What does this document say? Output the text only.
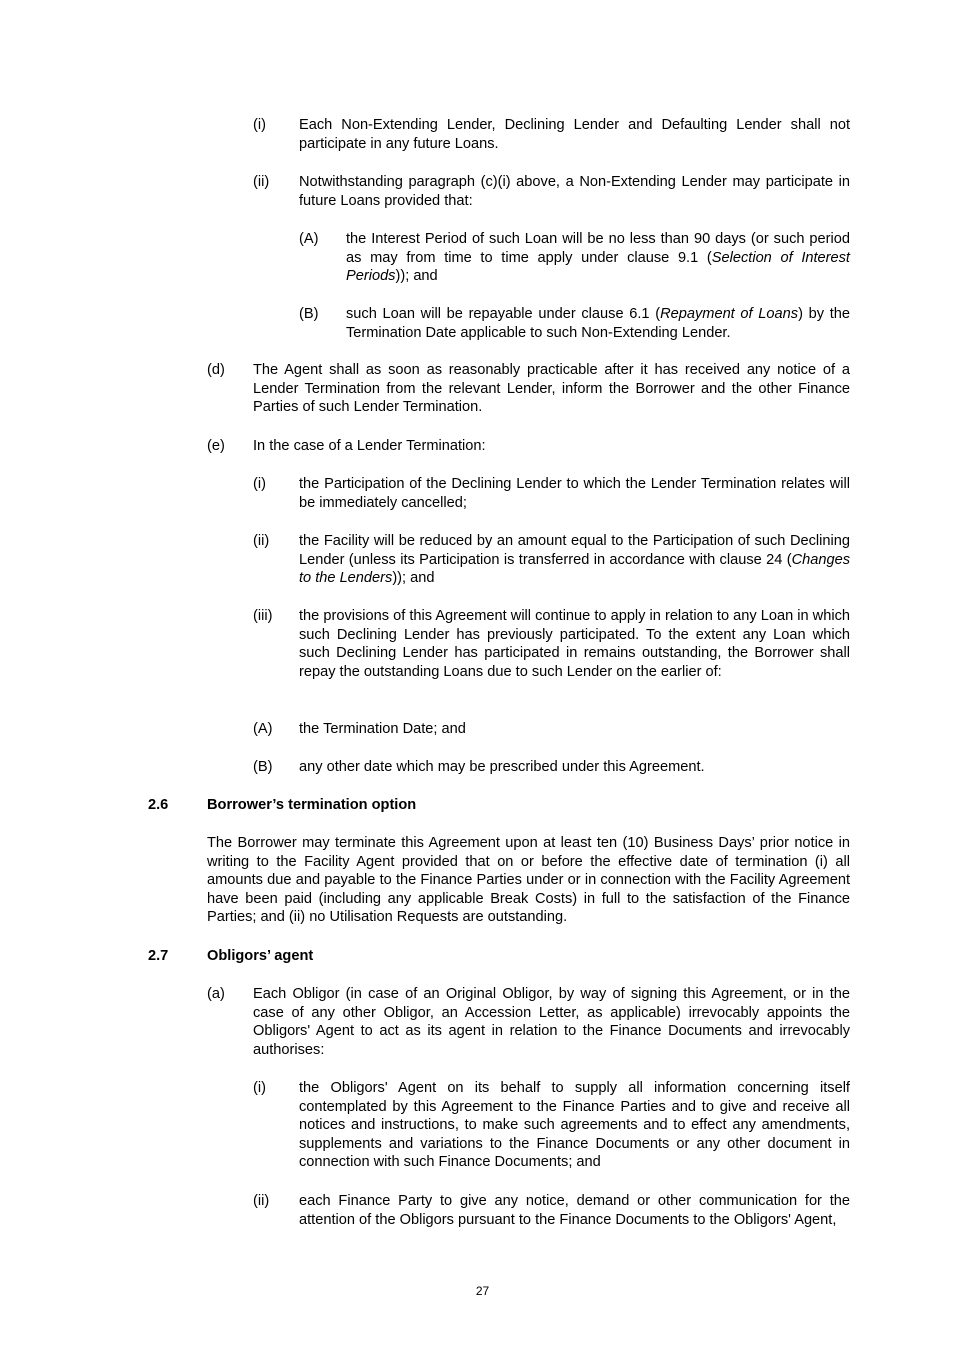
(i) Each Non-Extending Lender, Declining Lender and Defaulting Lender shall not participate in any future Loans.
(ii) Notwithstanding paragraph (c)(i) above, a Non-Extending Lender may participate in future Loans provided that:
(A) the Interest Period of such Loan will be no less than 90 days (or such period as may from time to time apply under clause 9.1 (Selection of Interest Periods)); and
(B) such Loan will be repayable under clause 6.1 (Repayment of Loans) by the Termination Date applicable to such Non-Extending Lender.
(d) The Agent shall as soon as reasonably practicable after it has received any notice of a Lender Termination from the relevant Lender, inform the Borrower and the other Finance Parties of such Lender Termination.
(e) In the case of a Lender Termination:
(i) the Participation of the Declining Lender to which the Lender Termination relates will be immediately cancelled;
(ii) the Facility will be reduced by an amount equal to the Participation of such Declining Lender (unless its Participation is transferred in accordance with clause 24 (Changes to the Lenders)); and
(iii) the provisions of this Agreement will continue to apply in relation to any Loan in which such Declining Lender has previously participated. To the extent any Loan which such Declining Lender has participated in remains outstanding, the Borrower shall repay the outstanding Loans due to such Lender on the earlier of:
(A) the Termination Date; and
(B) any other date which may be prescribed under this Agreement.
2.6	Borrower’s termination option
The Borrower may terminate this Agreement upon at least ten (10) Business Days’ prior notice in writing to the Facility Agent provided that on or before the effective date of termination (i) all amounts due and payable to the Finance Parties under or in connection with the Facility Agreement have been paid (including any applicable Break Costs) in full to the satisfaction of the Finance Parties; and (ii) no Utilisation Requests are outstanding.
2.7	Obligors’ agent
(a) Each Obligor (in case of an Original Obligor, by way of signing this Agreement, or in the case of any other Obligor, an Accession Letter, as applicable) irrevocably appoints the Obligors' Agent to act as its agent in relation to the Finance Documents and irrevocably authorises:
(i) the Obligors' Agent on its behalf to supply all information concerning itself contemplated by this Agreement to the Finance Parties and to give and receive all notices and instructions, to make such agreements and to effect any amendments, supplements and variations to the Finance Documents or any other document in connection with such Finance Documents; and
(ii) each Finance Party to give any notice, demand or other communication for the attention of the Obligors pursuant to the Finance Documents to the Obligors' Agent,
27
